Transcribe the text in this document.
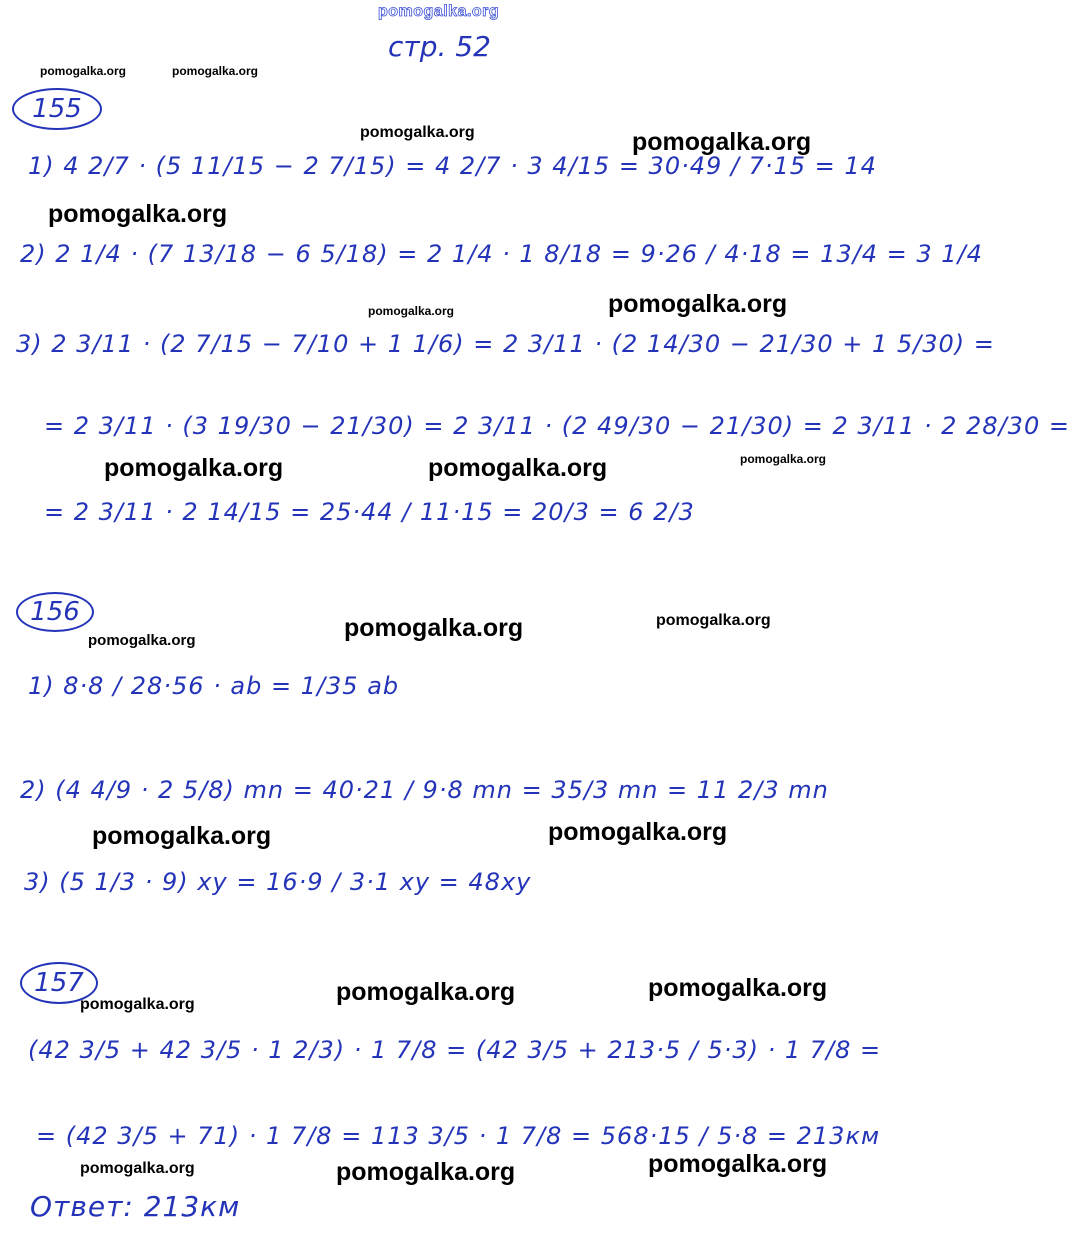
pomogalka.org
стр. 52
pomogalka.org	pomogalka.org
pomogalka.org	pomogalka.org
pomogalka.org
pomogalka.org	pomogalka.org
pomogalka.org	pomogalka.org	pomogalka.org
pomogalka.org	pomogalka.org	pomogalka.org
pomogalka.org	pomogalka.org
pomogalka.org	pomogalka.org	pomogalka.org
pomogalka.org	pomogalka.org	pomogalka.org
155
1) 4 2/7 · (5 11/15 − 2 7/15) = 4 2/7 · 3 4/15 = 30·49 / 7·15 = 14
2) 2 1/4 · (7 13/18 − 6 5/18) = 2 1/4 · 1 8/18 = 9·26 / 4·18 = 13/4 = 3 1/4
3) 2 3/11 · (2 7/15 − 7/10 + 1 1/6) = 2 3/11 · (2 14/30 − 21/30 + 1 5/30) =
= 2 3/11 · (3 19/30 − 21/30) = 2 3/11 · (2 49/30 − 21/30) = 2 3/11 · 2 28/30 =
= 2 3/11 · 2 14/15 = 25·44 / 11·15 = 20/3 = 6 2/3
156
1) 8·8 / 28·56 · ab = 1/35 ab
2) (4 4/9 · 2 5/8) mn = 40·21 / 9·8 mn = 35/3 mn = 11 2/3 mn
3) (5 1/3 · 9) xy = 16·9 / 3·1 xy = 48xy
157
(42 3/5 + 42 3/5 · 1 2/3) · 1 7/8 = (42 3/5 + 213·5 / 5·3) · 1 7/8 =
= (42 3/5 + 71) · 1 7/8 = 113 3/5 · 1 7/8 = 568·15 / 5·8 = 213км
Ответ: 213км
